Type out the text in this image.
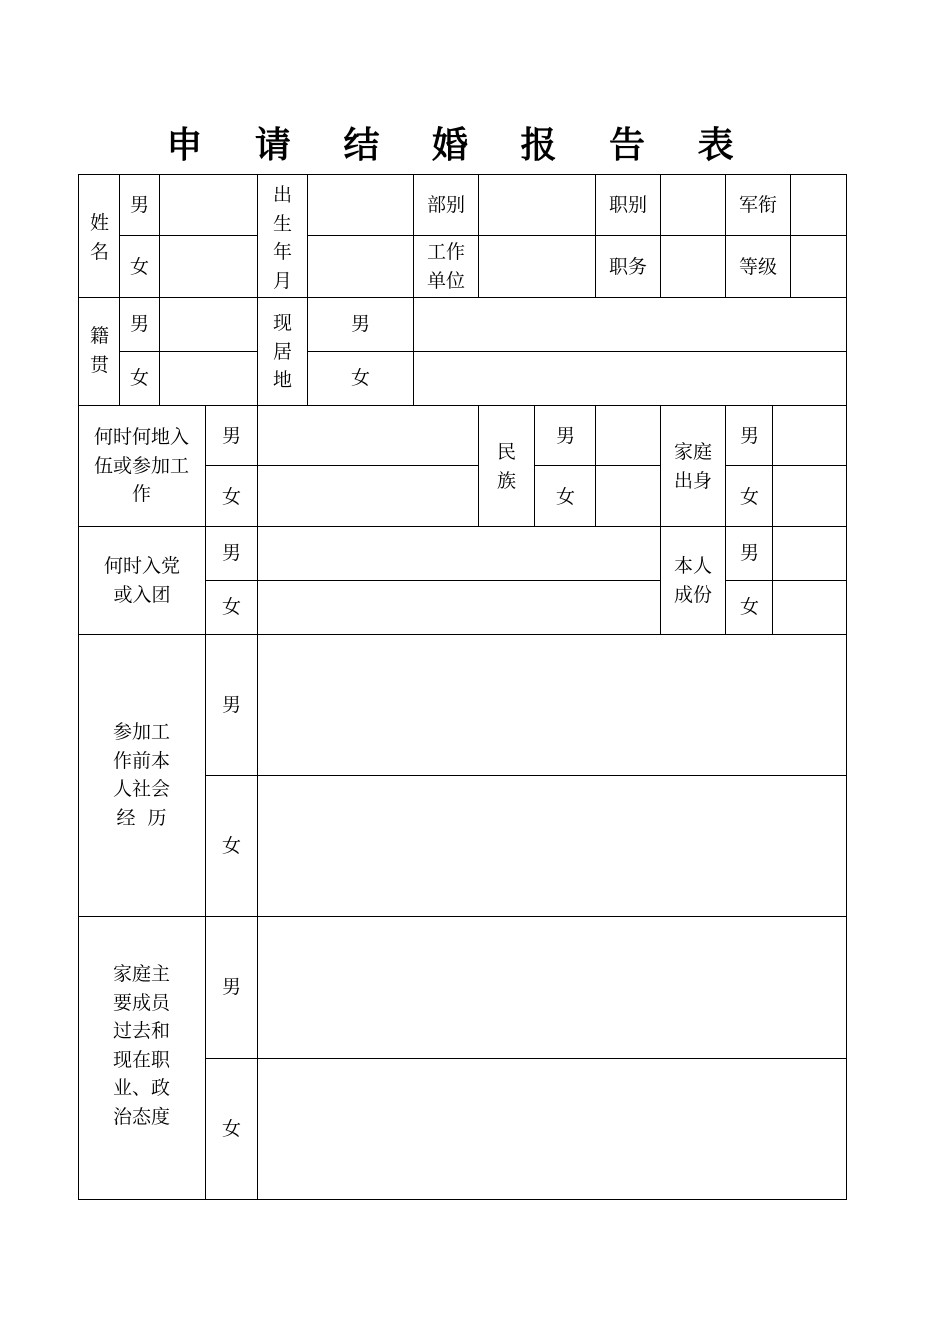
申 请 结 婚 报 告 表
姓
名
男
女
出
生
年
月
部别
工作
单位
职别
职务
军衔
等级
籍
贯
男
女
现
居
地
男
女
何时何地入
伍或参加工
作
男
女
民
族
男
女
家庭
出身
男
女
何时入党
或入团
男
女
本人
成份
男
女
参加工
作前本
人社会
经  历
男
女
家庭主
要成员
过去和
现在职
业、政
治态度
男
女
